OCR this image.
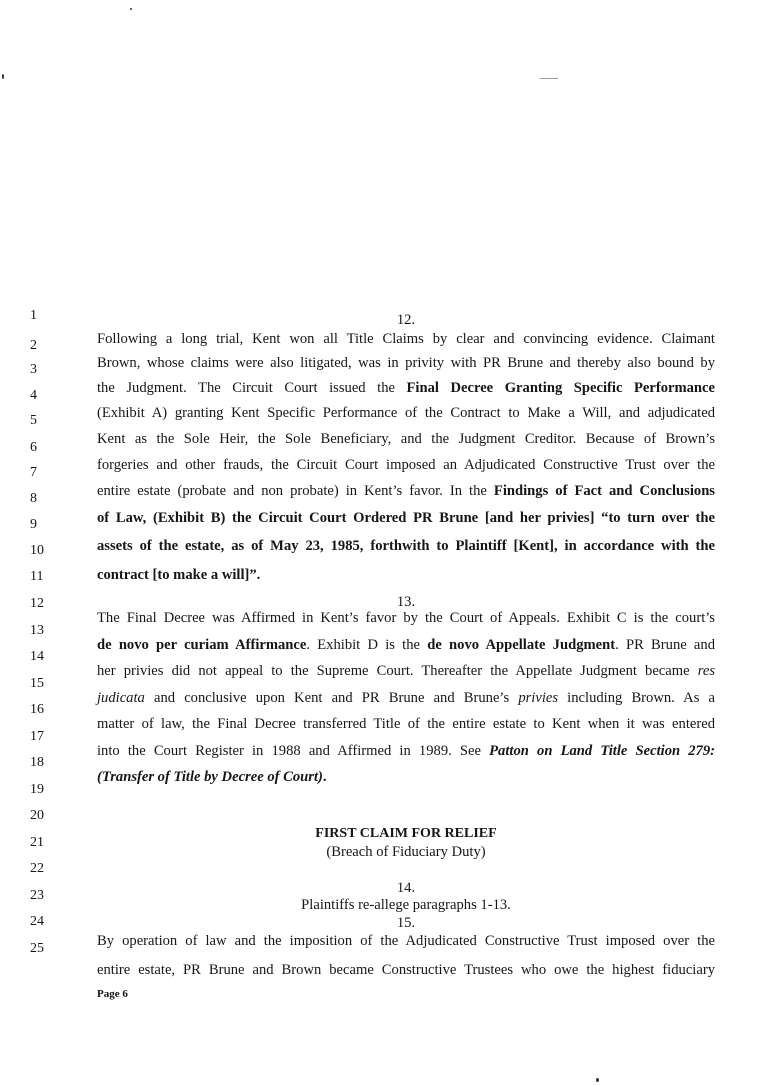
1
2
3
4
5
6
7
8
9
10
11
12
13
14
15
16
17
18
19
20
21
22
23
24
25
12.
Following a long trial, Kent won all Title Claims by clear and convincing evidence. Claimant
Brown, whose claims were also litigated, was in privity with PR Brune and thereby also bound by
the Judgment. The Circuit Court issued the Final Decree Granting Specific Performance
(Exhibit A) granting Kent Specific Performance of the Contract to Make a Will, and adjudicated
Kent as the Sole Heir, the Sole Beneficiary, and the Judgment Creditor. Because of Brown’s
forgeries and other frauds, the Circuit Court imposed an Adjudicated Constructive Trust over the
entire estate (probate and non probate) in Kent’s favor. In the Findings of Fact and Conclusions
of Law, (Exhibit B) the Circuit Court Ordered PR Brune [and her privies] “to turn over the
assets of the estate, as of May 23, 1985, forthwith to Plaintiff [Kent], in accordance with the
contract [to make a will]”.
13.
The Final Decree was Affirmed in Kent’s favor by the Court of Appeals. Exhibit C is the court’s
de novo per curiam Affirmance. Exhibit D is the de novo Appellate Judgment. PR Brune and
her privies did not appeal to the Supreme Court. Thereafter the Appellate Judgment became res
judicata and conclusive upon Kent and PR Brune and Brune’s privies including Brown. As a
matter of law, the Final Decree transferred Title of the entire estate to Kent when it was entered
into the Court Register in 1988 and Affirmed in 1989. See Patton on Land Title Section 279:
(Transfer of Title by Decree of Court).
FIRST CLAIM FOR RELIEF
(Breach of Fiduciary Duty)
14.
Plaintiffs re-allege paragraphs 1-13.
15.
By operation of law and the imposition of the Adjudicated Constructive Trust imposed over the
entire estate, PR Brune and Brown became Constructive Trustees who owe the highest fiduciary
Page 6
